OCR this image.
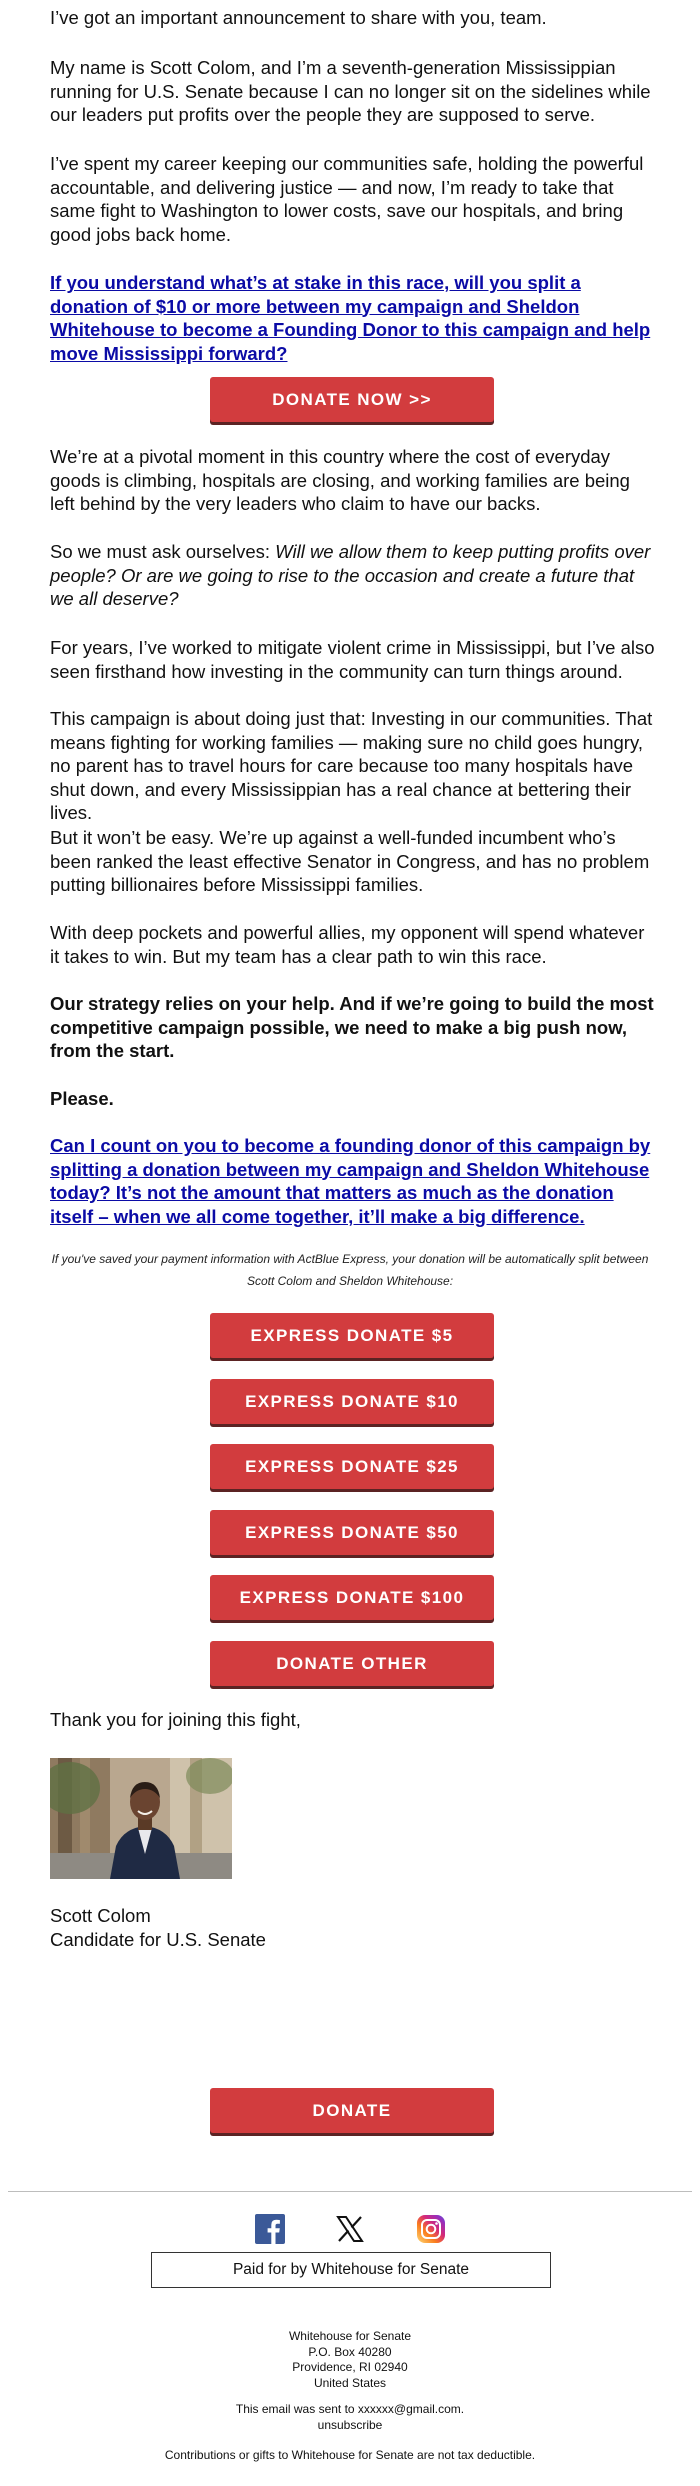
I’ve got an important announcement to share with you, team.

My name is Scott Colom, and I’m a seventh-generation Mississippian running for U.S. Senate because I can no longer sit on the sidelines while our leaders put profits over the people they are supposed to serve.

I’ve spent my career keeping our communities safe, holding the powerful accountable, and delivering justice — and now, I’m ready to take that same fight to Washington to lower costs, save our hospitals, and bring good jobs back home.

If you understand what’s at stake in this race, will you split a donation of $10 or more between my campaign and Sheldon Whitehouse to become a Founding Donor to this campaign and help move Mississippi forward?

DONATE NOW >>

We’re at a pivotal moment in this country where the cost of everyday goods is climbing, hospitals are closing, and working families are being left behind by the very leaders who claim to have our backs.

So we must ask ourselves: Will we allow them to keep putting profits over people? Or are we going to rise to the occasion and create a future that we all deserve?

For years, I’ve worked to mitigate violent crime in Mississippi, but I’ve also seen firsthand how investing in the community can turn things around.

This campaign is about doing just that: Investing in our communities. That means fighting for working families — making sure no child goes hungry, no parent has to travel hours for care because too many hospitals have shut down, and every Mississippian has a real chance at bettering their lives.

But it won’t be easy. We’re up against a well-funded incumbent who’s been ranked the least effective Senator in Congress, and has no problem putting billionaires before Mississippi families.

With deep pockets and powerful allies, my opponent will spend whatever it takes to win. But my team has a clear path to win this race.

Our strategy relies on your help. And if we’re going to build the most competitive campaign possible, we need to make a big push now, from the start.

Please.

Can I count on you to become a founding donor of this campaign by splitting a donation between my campaign and Sheldon Whitehouse today? It’s not the amount that matters as much as the donation itself – when we all come together, it’ll make a big difference.

If you've saved your payment information with ActBlue Express, your donation will be automatically split between Scott Colom and Sheldon Whitehouse:

EXPRESS DONATE $5
EXPRESS DONATE $10
EXPRESS DONATE $25
EXPRESS DONATE $50
EXPRESS DONATE $100
DONATE OTHER

Thank you for joining this fight,

Scott Colom

Candidate for U.S. Senate

DONATE
Paid for by Whitehouse for Senate
Whitehouse for Senate
P.O. Box 40280
Providence, RI 02940
United States
This email was sent to xxxxxx@gmail.com.
unsubscribe
Contributions or gifts to Whitehouse for Senate are not tax deductible.
